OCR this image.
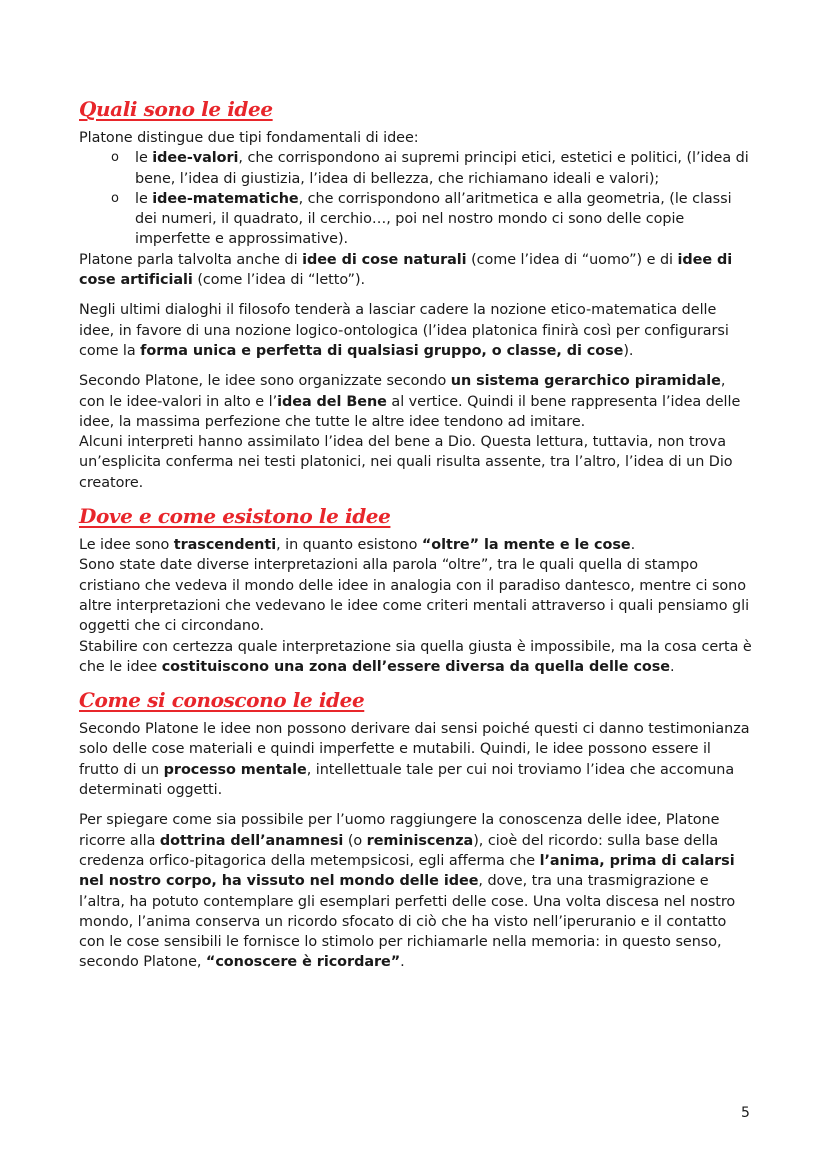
Quali sono le idee

Platone distingue due tipi fondamentali di idee:

o le idee-valori, che corrispondono ai supremi principi etici, estetici e politici, (l’idea di bene, l’idea di giustizia, l’idea di bellezza, che richiamano ideali e valori);
o le idee-matematiche, che corrispondono all’aritmetica e alla geometria, (le classi dei numeri, il quadrato, il cerchio…, poi nel nostro mondo ci sono delle copie imperfette e approssimative).

Platone parla talvolta anche di idee di cose naturali (come l’idea di “uomo”) e di idee di cose artificiali (come l’idea di “letto”).

Negli ultimi dialoghi il filosofo tenderà a lasciar cadere la nozione etico-matematica delle idee, in favore di una nozione logico-ontologica (l’idea platonica finirà così per configurarsi come la forma unica e perfetta di qualsiasi gruppo, o classe, di cose).

Secondo Platone, le idee sono organizzate secondo un sistema gerarchico piramidale, con le idee-valori in alto e l’idea del Bene al vertice. Quindi il bene rappresenta l’idea delle idee, la massima perfezione che tutte le altre idee tendono ad imitare.

Alcuni interpreti hanno assimilato l’idea del bene a Dio. Questa lettura, tuttavia, non trova un’esplicita conferma nei testi platonici, nei quali risulta assente, tra l’altro, l’idea di un Dio creatore.

Dove e come esistono le idee

Le idee sono trascendenti, in quanto esistono “oltre” la mente e le cose.

Sono state date diverse interpretazioni alla parola “oltre”, tra le quali quella di stampo cristiano che vedeva il mondo delle idee in analogia con il paradiso dantesco, mentre ci sono altre interpretazioni che vedevano le idee come criteri mentali attraverso i quali pensiamo gli oggetti che ci circondano.

Stabilire con certezza quale interpretazione sia quella giusta è impossibile, ma la cosa certa è che le idee costituiscono una zona dell’essere diversa da quella delle cose.

Come si conoscono le idee

Secondo Platone le idee non possono derivare dai sensi poiché questi ci danno testimonianza solo delle cose materiali e quindi imperfette e mutabili. Quindi, le idee possono essere il frutto di un processo mentale, intellettuale tale per cui noi troviamo l’idea che accomuna determinati oggetti.

Per spiegare come sia possibile per l’uomo raggiungere la conoscenza delle idee, Platone ricorre alla dottrina dell’anamnesi (o reminiscenza), cioè del ricordo: sulla base della credenza orfico-pitagorica della metempsicosi, egli afferma che l’anima, prima di calarsi nel nostro corpo, ha vissuto nel mondo delle idee, dove, tra una trasmigrazione e l’altra, ha potuto contemplare gli esemplari perfetti delle cose. Una volta discesa nel nostro mondo, l’anima conserva un ricordo sfocato di ciò che ha visto nell’iperuranio e il contatto con le cose sensibili le fornisce lo stimolo per richiamarle nella memoria: in questo senso, secondo Platone, “conoscere è ricordare”.

5
